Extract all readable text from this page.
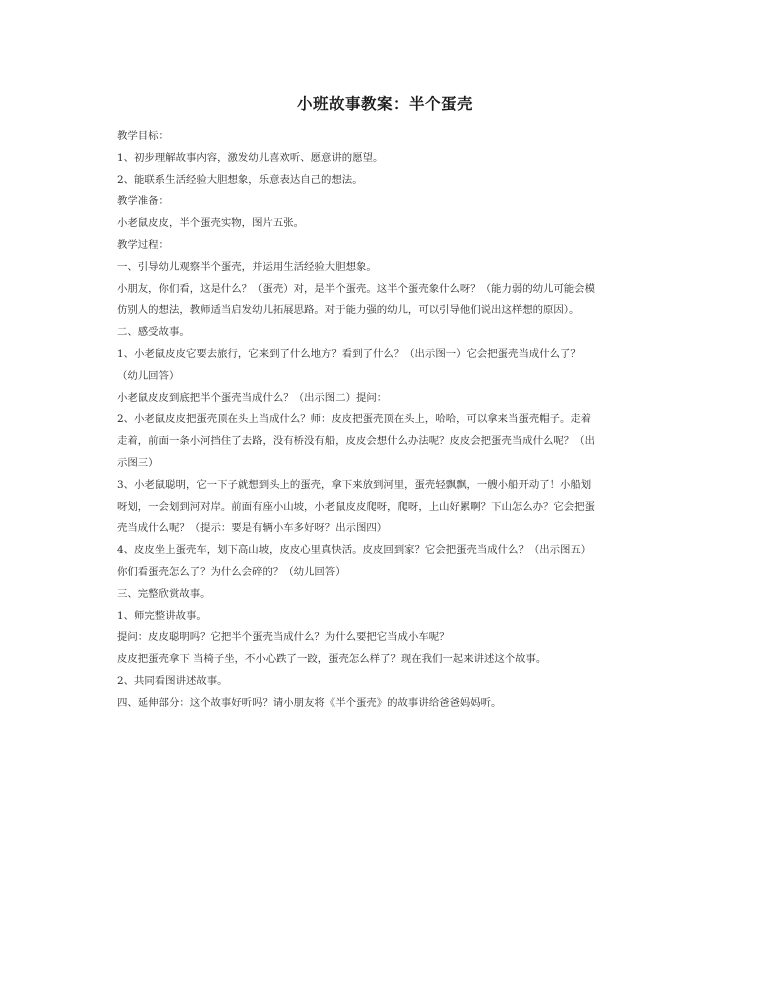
小班故事教案：半个蛋壳
教学目标：
1、初步理解故事内容，激发幼儿喜欢听、愿意讲的愿望。
2、能联系生活经验大胆想象，乐意表达自己的想法。
教学准备：
小老鼠皮皮，半个蛋壳实物，图片五张。
教学过程：
一、引导幼儿观察半个蛋壳，并运用生活经验大胆想象。
小朋友，你们看，这是什么？（蛋壳）对，是半个蛋壳。这半个蛋壳象什么呀？（能力弱的幼儿可能会模
仿别人的想法，教师适当启发幼儿拓展思路。对于能力强的幼儿，可以引导他们说出这样想的原因）。
二、感受故事。
1、小老鼠皮皮它要去旅行，它来到了什么地方？看到了什么？（出示图一）它会把蛋壳当成什么了？
（幼儿回答）
小老鼠皮皮到底把半个蛋壳当成什么？（出示图二）提问：
2、小老鼠皮皮把蛋壳顶在头上当成什么？师：皮皮把蛋壳顶在头上，哈哈，可以拿来当蛋壳帽子。走着
走着，前面一条小河挡住了去路，没有桥没有船，皮皮会想什么办法呢？皮皮会把蛋壳当成什么呢？（出
示图三）
3、小老鼠聪明，它一下子就想到头上的蛋壳，拿下来放到河里，蛋壳轻飘飘，一艘小船开动了！小船划
呀划，一会划到河对岸。前面有座小山坡，小老鼠皮皮爬呀，爬呀，上山好累啊？下山怎么办？它会把蛋
壳当成什么呢？（提示：要是有辆小车多好呀？出示图四）
4、皮皮坐上蛋壳车，划下高山坡，皮皮心里真快活。皮皮回到家？它会把蛋壳当成什么？（出示图五）
你们看蛋壳怎么了？为什么会碎的？（幼儿回答）
三、完整欣赏故事。
1、师完整讲故事。
提问：皮皮聪明吗？它把半个蛋壳当成什么？为什么要把它当成小车呢？
皮皮把蛋壳拿下 当椅子坐，不小心跌了一跤，蛋壳怎么样了？现在我们一起来讲述这个故事。
2、共同看图讲述故事。
四、延伸部分：这个故事好听吗？请小朋友将《半个蛋壳》的故事讲给爸爸妈妈听。
